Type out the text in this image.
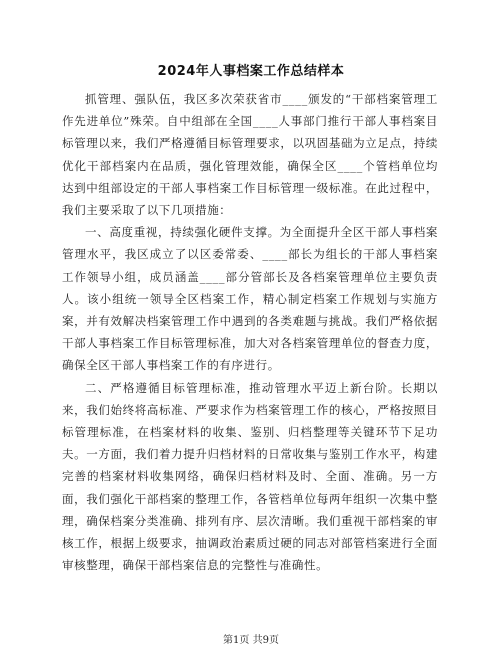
2024年人事档案工作总结样本

抓管理、强队伍，我区多次荣获省市____颁发的“干部档案管理工作先进单位”殊荣。自中组部在全国____人事部门推行干部人事档案目标管理以来，我们严格遵循目标管理要求，以巩固基础为立足点，持续优化干部档案内在品质，强化管理效能，确保全区____个管档单位均达到中组部设定的干部人事档案工作目标管理一级标准。在此过程中，我们主要采取了以下几项措施：

一、高度重视，持续强化硬件支撑。为全面提升全区干部人事档案管理水平，我区成立了以区委常委、____部长为组长的干部人事档案工作领导小组，成员涵盖____部分管部长及各档案管理单位主要负责人。该小组统一领导全区档案工作，精心制定档案工作规划与实施方案，并有效解决档案管理工作中遇到的各类难题与挑战。我们严格依据干部人事档案工作目标管理标准，加大对各档案管理单位的督查力度，确保全区干部人事档案工作的有序进行。

二、严格遵循目标管理标准，推动管理水平迈上新台阶。长期以来，我们始终将高标准、严要求作为档案管理工作的核心，严格按照目标管理标准，在档案材料的收集、鉴别、归档整理等关键环节下足功夫。一方面，我们着力提升归档材料的日常收集与鉴别工作水平，构建完善的档案材料收集网络，确保归档材料及时、全面、准确。另一方面，我们强化干部档案的整理工作，各管档单位每两年组织一次集中整理，确保档案分类准确、排列有序、层次清晰。我们重视干部档案的审核工作，根据上级要求，抽调政治素质过硬的同志对部管档案进行全面审核整理，确保干部档案信息的完整性与准确性。

第1页 共9页
